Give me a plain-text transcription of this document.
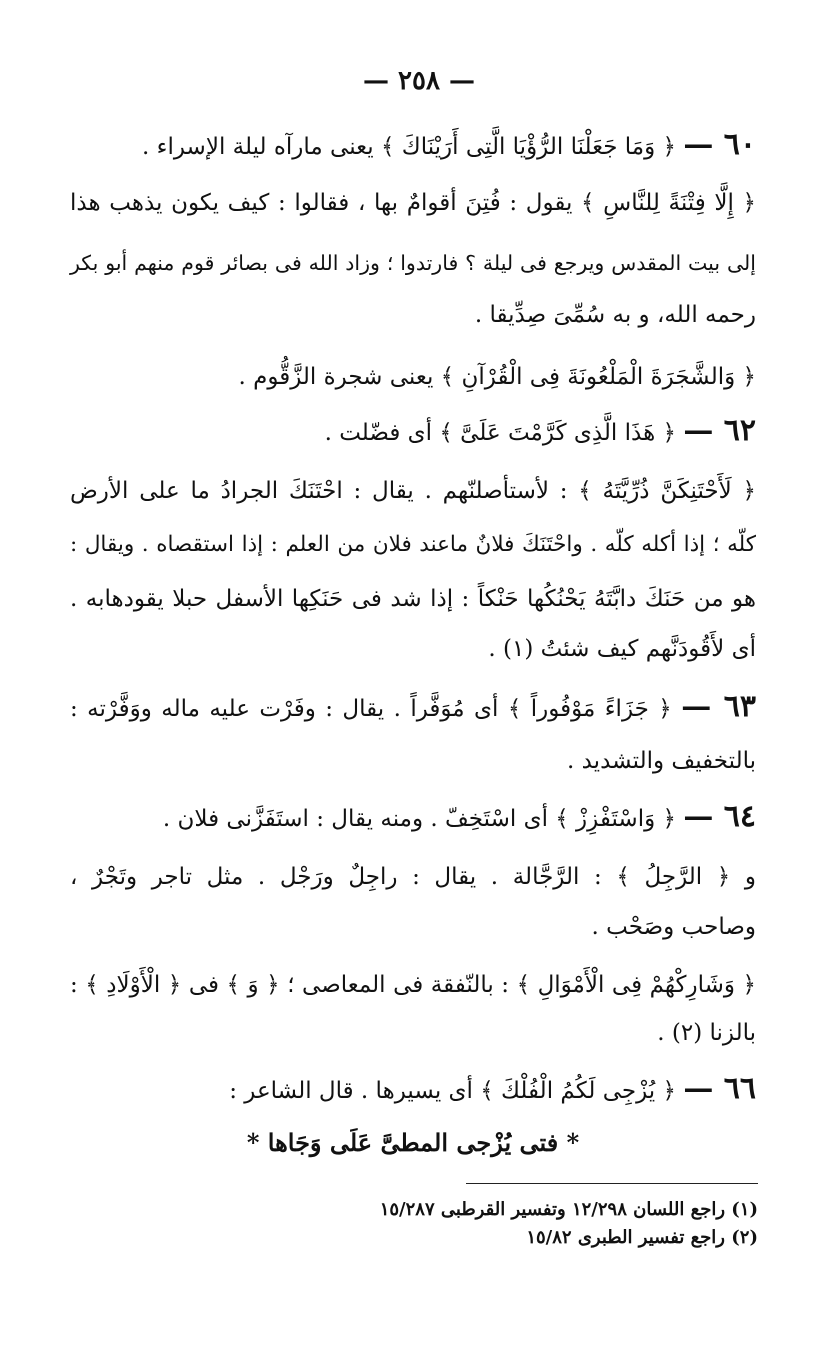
— ٢٥٨ —
٦٠ — ﴿ وَمَا جَعَلْنَا الرُّؤْيَا الَّتِى أَرَيْنَاكَ ﴾ يعنى مارآه ليلة الإسراء .
﴿ إِلَّا فِتْنَةً لِلنَّاسِ ﴾ يقول : فُتِنَ أقوامٌ بها ، فقالوا : كيف يكون يذهب هذا
إلى بيت المقدس ويرجع فى ليلة ؟ فارتدوا ؛ وزاد الله فى بصائر قوم منهم أبو بكر
رحمه الله، و به سُمِّىَ صِدِّيقا .
﴿ وَالشَّجَرَةَ الْمَلْعُونَةَ فِى الْقُرْآنِ ﴾ يعنى شجرة الزَّقُّوم .
٦٢ — ﴿ هَذَا الَّذِى كَرَّمْتَ عَلَىَّ ﴾ أى فضّلت .
﴿ لَأَحْتَنِكَنَّ ذُرِّيَّتَهُ ﴾ : لأستأصلنّهم . يقال : احْتَنَكَ الجرادُ ما على الأرض
كلّه ؛ إذا أكله كلّه . واحْتَنَكَ فلانٌ ماعند فلان من العلم : إذا استقصاه . ويقال :
هو من حَنَكَ دابَّتَهُ يَحْنُكُها حَنْكاً : إذا شد فى حَنَكِها الأسفل حبلا يقودهابه .
أى لأَقُودَنَّهم كيف شئتُ (١) .
٦٣ — ﴿ جَزَاءً مَوْفُوراً ﴾ أى مُوَفَّراً . يقال : وفَرْت عليه ماله ووَفَّرْته :
بالتخفيف والتشديد .
٦٤ — ﴿ وَاسْتَفْزِزْ ﴾ أى اسْتَخِفّ . ومنه يقال : استَفَزَّنى فلان .
و ﴿ الرَّجِلُ ﴾ : الرَّجَّالة . يقال : راجِلٌ ورَجْل . مثل تاجر وتَجْرٌ ،
وصاحب وصَحْب .
﴿ وَشَارِكْهُمْ فِى الْأَمْوَالِ ﴾ : بالنّفقة فى المعاصى ؛ ﴿ وَ ﴾ فى ﴿ الْأَوْلَادِ ﴾ :
بالزنا (٢) .
٦٦ — ﴿ يُزْجِى لَكُمُ الْفُلْكَ ﴾ أى يسيرها . قال الشاعر :
* فتى يُزْجى المطىَّ عَلَى وَجَاها *
(١) راجع اللسان ١٢/٢٩٨ وتفسير القرطبى ١٥/٢٨٧
(٢) راجع تفسير الطبرى ١٥/٨٢
